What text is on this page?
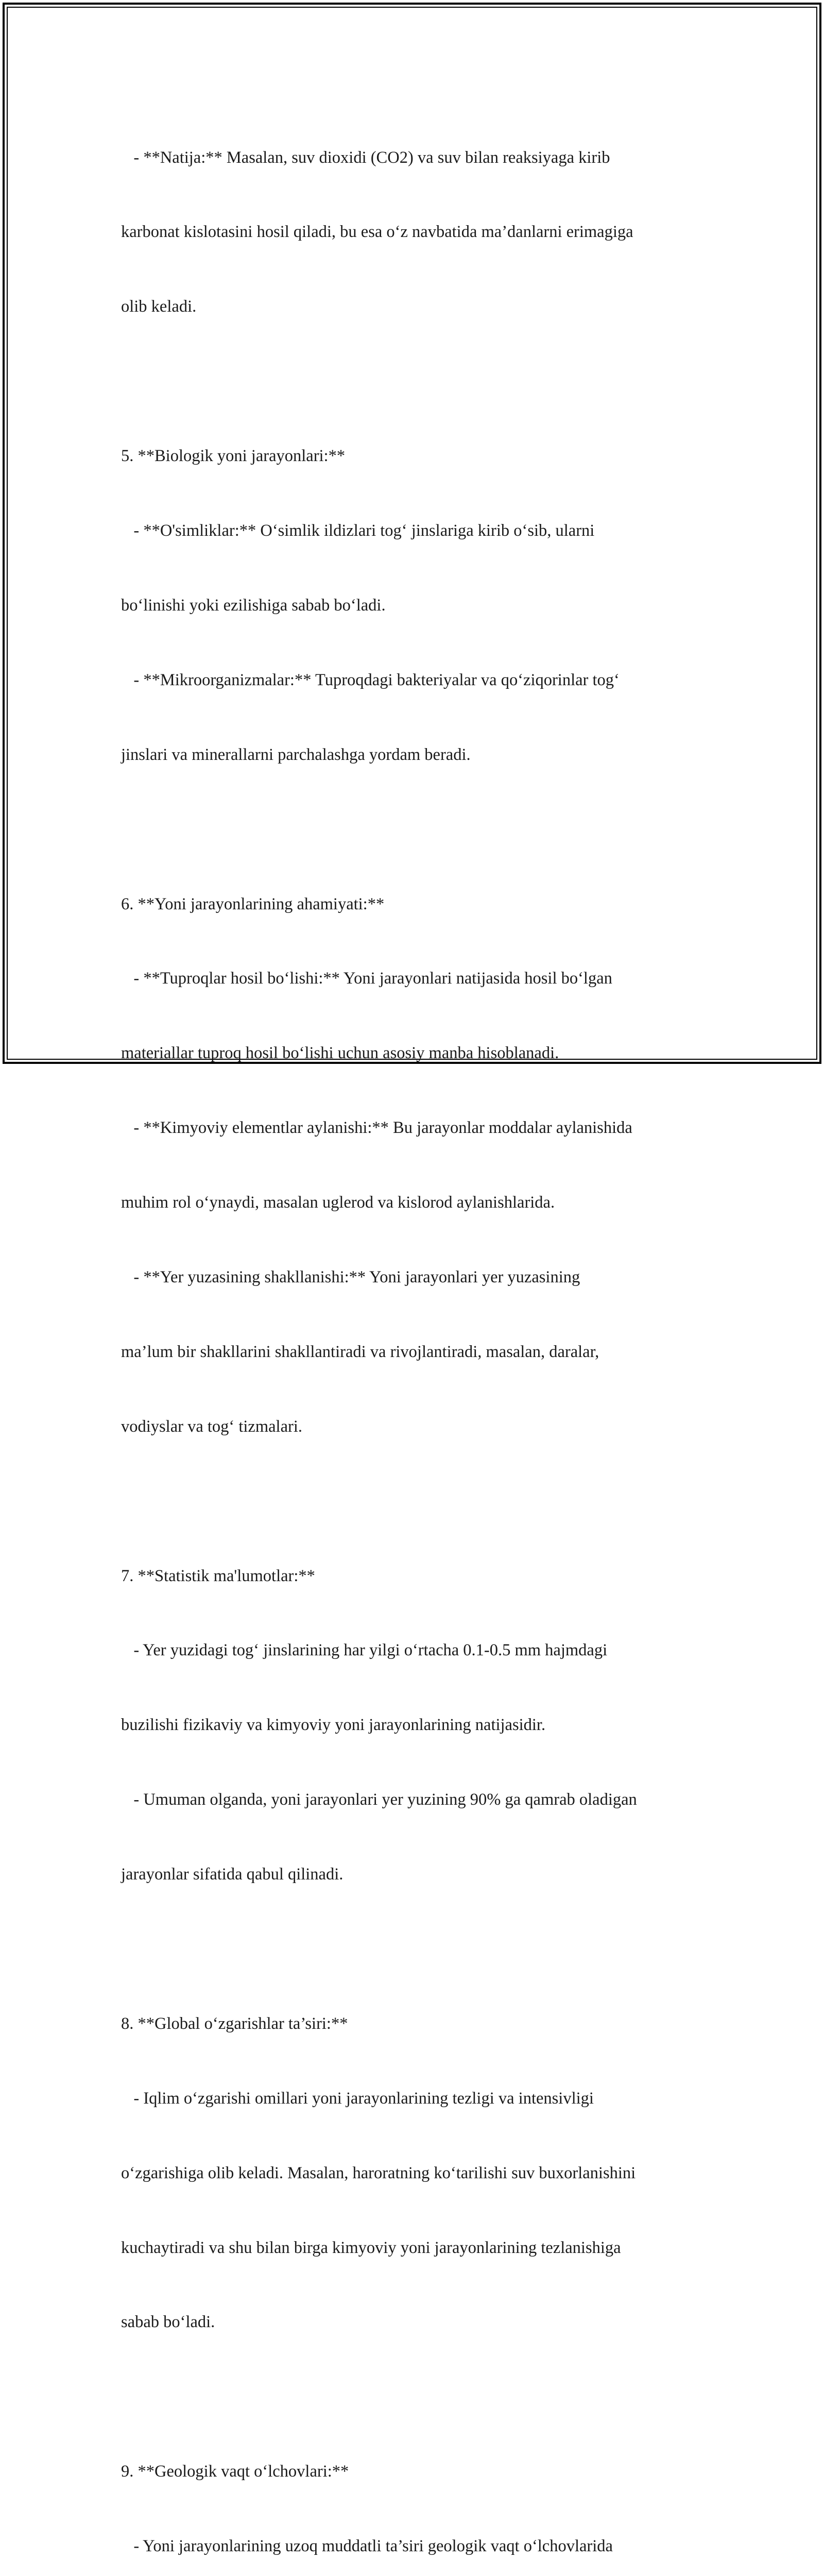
- **Natija:** Masalan, suv dioxidi (CO2) va suv bilan reaksiyaga kirib

karbonat kislotasini hosil qiladi, bu esa o‘z navbatida ma’danlarni erimagiga

olib keladi.

5. **Biologik yoni jarayonlari:**

- **O'simliklar:** O‘simlik ildizlari tog‘ jinslariga kirib o‘sib, ularni

bo‘linishi yoki ezilishiga sabab bo‘ladi.

- **Mikroorganizmalar:** Tuproqdagi bakteriyalar va qo‘ziqorinlar tog‘

jinslari va minerallarni parchalashga yordam beradi.

6. **Yoni jarayonlarining ahamiyati:**

- **Tuproqlar hosil bo‘lishi:** Yoni jarayonlari natijasida hosil bo‘lgan

materiallar tuproq hosil bo‘lishi uchun asosiy manba hisoblanadi.

- **Kimyoviy elementlar aylanishi:** Bu jarayonlar moddalar aylanishida

muhim rol o‘ynaydi, masalan uglerod va kislorod aylanishlarida.

- **Yer yuzasining shakllanishi:** Yoni jarayonlari yer yuzasining

ma’lum bir shakllarini shakllantiradi va rivojlantiradi, masalan, daralar,

vodiyslar va tog‘ tizmalari.

7. **Statistik ma'lumotlar:**

- Yer yuzidagi tog‘ jinslarining har yilgi o‘rtacha 0.1-0.5 mm hajmdagi

buzilishi fizikaviy va kimyoviy yoni jarayonlarining natijasidir.

- Umuman olganda, yoni jarayonlari yer yuzining 90% ga qamrab oladigan

jarayonlar sifatida qabul qilinadi.

8. **Global o‘zgarishlar ta’siri:**

- Iqlim o‘zgarishi omillari yoni jarayonlarining tezligi va intensivligi

o‘zgarishiga olib keladi. Masalan, haroratning ko‘tarilishi suv buxorlanishini

kuchaytiradi va shu bilan birga kimyoviy yoni jarayonlarining tezlanishiga

sabab bo‘ladi.

9. **Geologik vaqt o‘lchovlari:**

- Yoni jarayonlarining uzoq muddatli ta’siri geologik vaqt o‘lchovlarida
